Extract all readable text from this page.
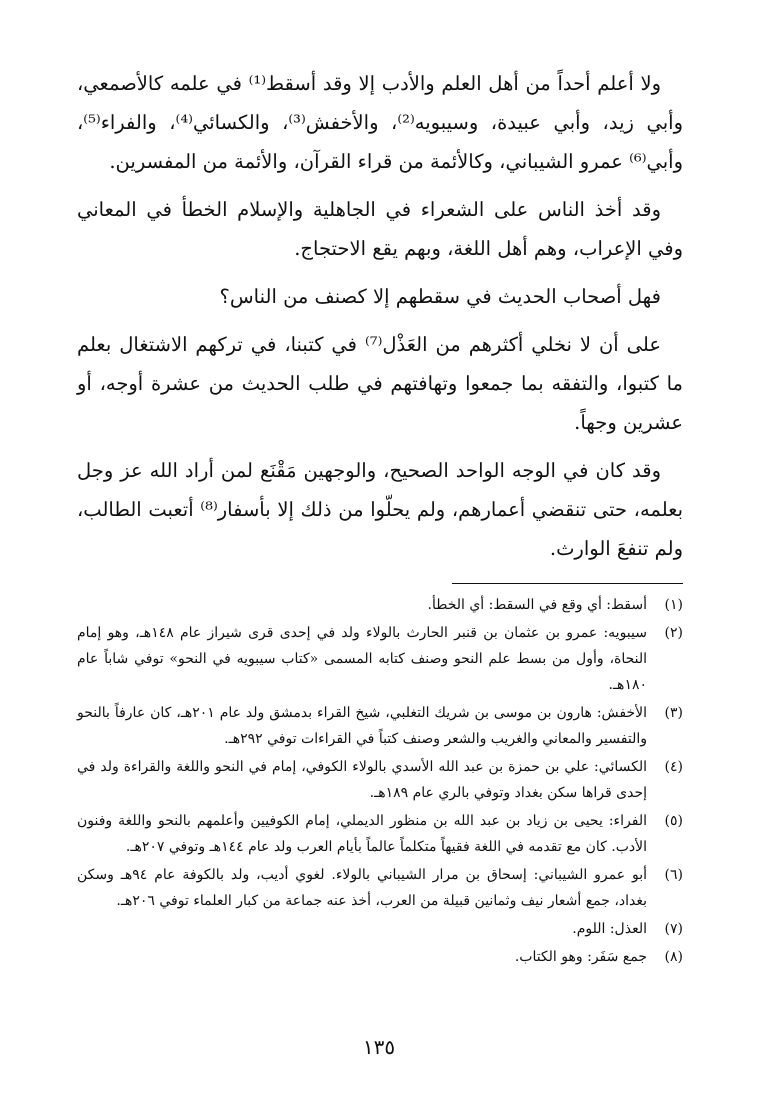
ولا أعلم أحداً من أهل العلم والأدب إلا وقد أسقط⁽¹⁾ في علمه كالأصمعي، وأبي زيد، وأبي عبيدة، وسيبويه⁽²⁾، والأخفش⁽³⁾، والكسائي⁽⁴⁾، والفراء⁽⁵⁾، وأبي⁽⁶⁾ عمرو الشيباني، وكالأئمة من قراء القرآن، والأئمة من المفسرين.

وقد أخذ الناس على الشعراء في الجاهلية والإسلام الخطأ في المعاني وفي الإعراب، وهم أهل اللغة، وبهم يقع الاحتجاج.

فهل أصحاب الحديث في سقطهم إلا كصنف من الناس؟

على أن لا نخلي أكثرهم من العَذْل⁽⁷⁾ في كتبنا، في تركهم الاشتغال بعلم ما كتبوا، والتفقه بما جمعوا وتهافتهم في طلب الحديث من عشرة أوجه، أو عشرين وجهاً.

وقد كان في الوجه الواحد الصحيح، والوجهين مَقْنَع لمن أراد الله عز وجل بعلمه، حتى تنقضي أعمارهم، ولم يحلّوا من ذلك إلا بأسفار⁽⁸⁾ أتعبت الطالب، ولم تنفعَ الوارث.

(١)
أسقط: أي وقع في السقط: أي الخطأ.
(٢)
سيبويه: عمرو بن عثمان بن قنبر الحارث بالولاء ولد في إحدى قرى شيراز عام ١٤٨هـ، وهو إمام النحاة، وأول من بسط علم النحو وصنف كتابه المسمى «كتاب سيبويه في النحو» توفي شاباً عام ١٨٠هـ.
(٣)
الأخفش: هارون بن موسى بن شريك التغلبي، شيخ القراء بدمشق ولد عام ٢٠١هـ، كان عارفاً بالنحو والتفسير والمعاني والغريب والشعر وصنف كتباً في القراءات توفي ٢٩٢هـ.
(٤)
الكسائي: علي بن حمزة بن عبد الله الأسدي بالولاء الكوفي، إمام في النحو واللغة والقراءة ولد في إحدى قراها سكن بغداد وتوفي بالري عام ١٨٩هـ.
(٥)
الفراء: يحيى بن زياد بن عبد الله بن منظور الديملي، إمام الكوفيين وأعلمهم بالنحو واللغة وفنون الأدب. كان مع تقدمه في اللغة فقيهاً متكلماً عالماً بأيام العرب ولد عام ١٤٤هـ وتوفي ٢٠٧هـ.
(٦)
أبو عمرو الشيباني: إسحاق بن مرار الشيباني بالولاء. لغوي أديب، ولد بالكوفة عام ٩٤هـ وسكن بغداد، جمع أشعار نيف وثمانين قبيلة من العرب، أخذ عنه جماعة من كبار العلماء توفي ٢٠٦هـ.
(٧)
العذل: اللوم.
(٨)
جمع سَفَر: وهو الكتاب.
١٣٥
